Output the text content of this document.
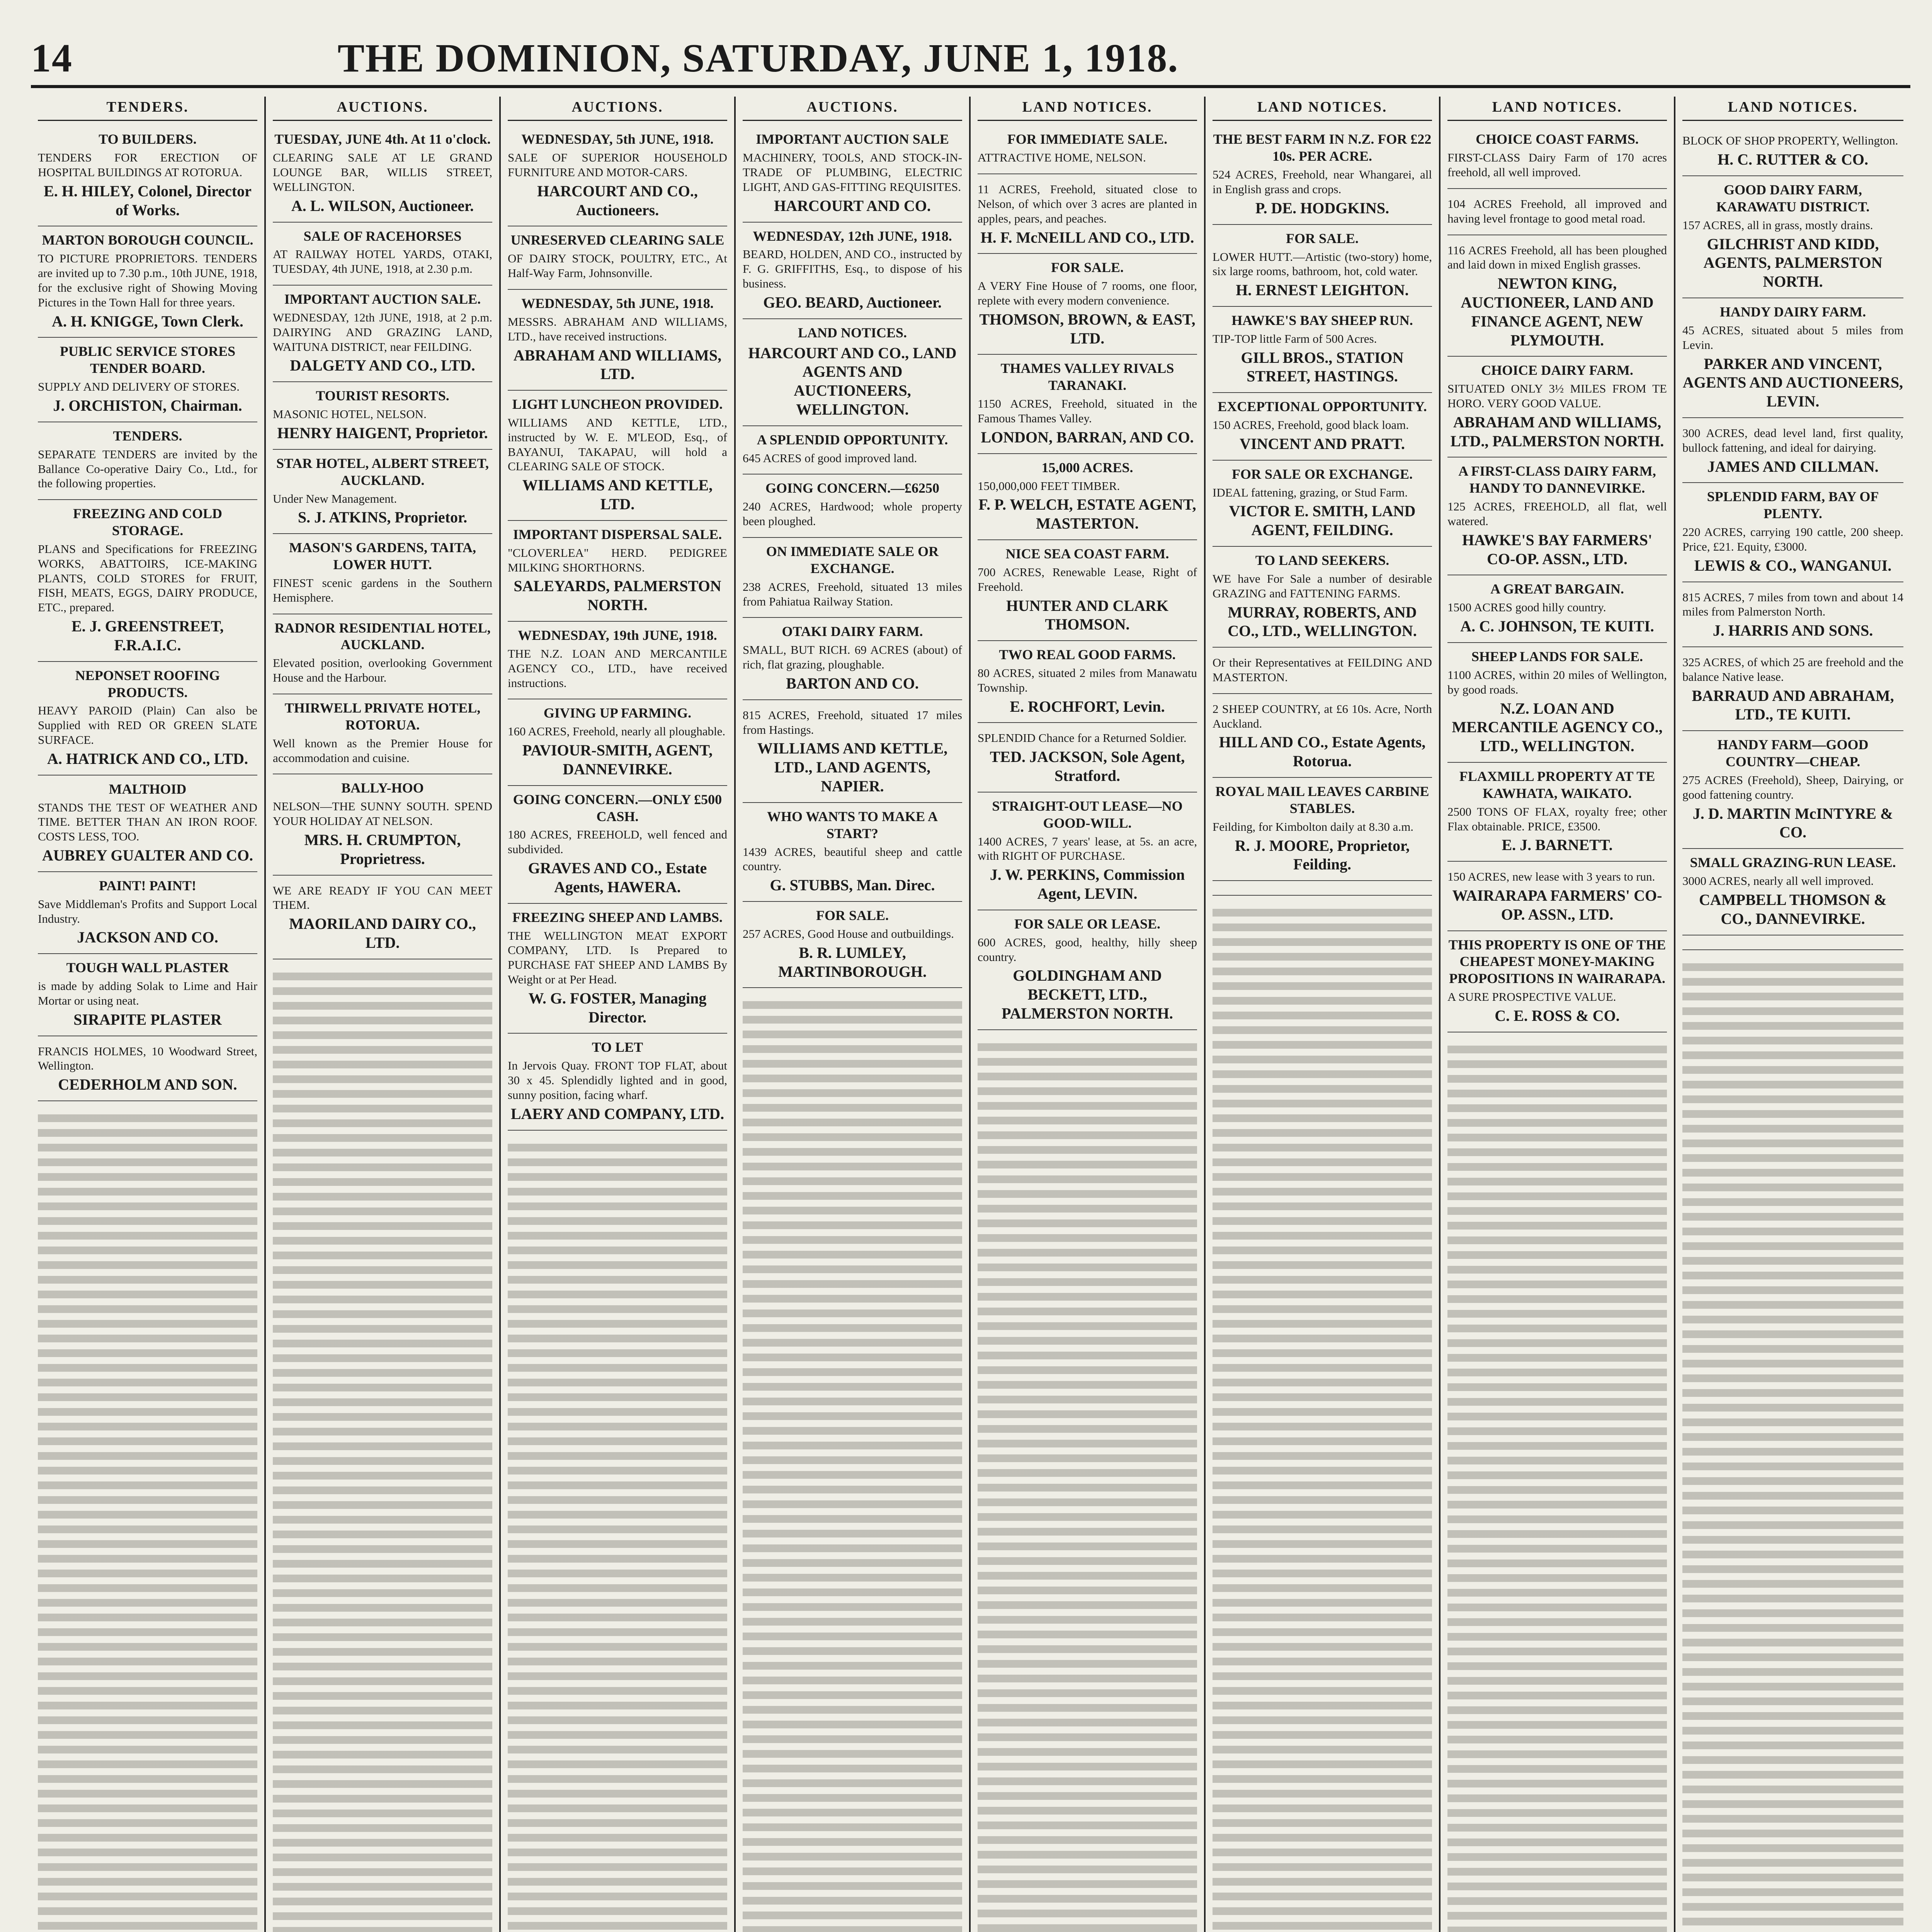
14	THE DOMINION, SATURDAY, JUNE 1, 1918.
TENDERS.
TO BUILDERS.
TENDERS FOR ERECTION OF HOSPITAL BUILDINGS AT ROTORUA.
E. H. HILEY, Colonel, Director of Works.
MARTON BOROUGH COUNCIL.
TO PICTURE PROPRIETORS. TENDERS are invited up to 7.30 p.m., 10th JUNE, 1918, for the exclusive right of Showing Moving Pictures in the Town Hall for three years.
A. H. KNIGGE, Town Clerk.
PUBLIC SERVICE STORES TENDER BOARD.
SUPPLY AND DELIVERY OF STORES.
J. ORCHISTON, Chairman.
TENDERS.
SEPARATE TENDERS are invited by the Ballance Co-operative Dairy Co., Ltd., for the following properties.
FREEZING AND COLD STORAGE.
PLANS and Specifications for FREEZING WORKS, ABATTOIRS, ICE-MAKING PLANTS, COLD STORES for FRUIT, FISH, MEATS, EGGS, DAIRY PRODUCE, ETC., prepared.
E. J. GREENSTREET, F.R.A.I.C.
NEPONSET ROOFING PRODUCTS.
HEAVY PAROID (Plain) Can also be Supplied with RED OR GREEN SLATE SURFACE.
A. HATRICK AND CO., LTD.
MALTHOID
STANDS THE TEST OF WEATHER AND TIME. BETTER THAN AN IRON ROOF. COSTS LESS, TOO.
AUBREY GUALTER AND CO.
PAINT! PAINT!
Save Middleman's Profits and Support Local Industry.
JACKSON AND CO.
TOUGH WALL PLASTER
is made by adding Solak to Lime and Hair Mortar or using neat.
SIRAPITE PLASTER
FRANCIS HOLMES, 10 Woodward Street, Wellington.
CEDERHOLM AND SON.
AUCTIONS.
TUESDAY, JUNE 4th. At 11 o'clock.
CLEARING SALE AT LE GRAND LOUNGE BAR, WILLIS STREET, WELLINGTON.
A. L. WILSON, Auctioneer.
SALE OF RACEHORSES
AT RAILWAY HOTEL YARDS, OTAKI, TUESDAY, 4th JUNE, 1918, at 2.30 p.m.
IMPORTANT AUCTION SALE.
WEDNESDAY, 12th JUNE, 1918, at 2 p.m. DAIRYING AND GRAZING LAND, WAITUNA DISTRICT, near FEILDING.
DALGETY AND CO., LTD.
TOURIST RESORTS.
MASONIC HOTEL, NELSON.
HENRY HAIGENT, Proprietor.
STAR HOTEL, ALBERT STREET, AUCKLAND.
Under New Management.
S. J. ATKINS, Proprietor.
MASON'S GARDENS, TAITA, LOWER HUTT.
FINEST scenic gardens in the Southern Hemisphere.
RADNOR RESIDENTIAL HOTEL, AUCKLAND.
Elevated position, overlooking Government House and the Harbour.
THIRWELL PRIVATE HOTEL, ROTORUA.
Well known as the Premier House for accommodation and cuisine.
BALLY-HOO
NELSON—THE SUNNY SOUTH. SPEND YOUR HOLIDAY AT NELSON.
MRS. H. CRUMPTON, Proprietress.
WE ARE READY IF YOU CAN MEET THEM.
MAORILAND DAIRY CO., LTD.
AUCTIONS.
WEDNESDAY, 5th JUNE, 1918.
SALE OF SUPERIOR HOUSEHOLD FURNITURE AND MOTOR-CARS.
HARCOURT AND CO., Auctioneers.
UNRESERVED CLEARING SALE
OF DAIRY STOCK, POULTRY, ETC., At Half-Way Farm, Johnsonville.
WEDNESDAY, 5th JUNE, 1918.
MESSRS. ABRAHAM AND WILLIAMS, LTD., have received instructions.
ABRAHAM AND WILLIAMS, LTD.
LIGHT LUNCHEON PROVIDED.
WILLIAMS AND KETTLE, LTD., instructed by W. E. M'LEOD, Esq., of BAYANUI, TAKAPAU, will hold a CLEARING SALE OF STOCK.
WILLIAMS AND KETTLE, LTD.
IMPORTANT DISPERSAL SALE.
"CLOVERLEA" HERD. PEDIGREE MILKING SHORTHORNS.
SALEYARDS, PALMERSTON NORTH.
WEDNESDAY, 19th JUNE, 1918.
THE N.Z. LOAN AND MERCANTILE AGENCY CO., LTD., have received instructions.
GIVING UP FARMING.
160 ACRES, Freehold, nearly all ploughable.
PAVIOUR-SMITH, AGENT, DANNEVIRKE.
GOING CONCERN.—ONLY £500 CASH.
180 ACRES, FREEHOLD, well fenced and subdivided.
GRAVES AND CO., Estate Agents, HAWERA.
FREEZING SHEEP AND LAMBS.
THE WELLINGTON MEAT EXPORT COMPANY, LTD. Is Prepared to PURCHASE FAT SHEEP AND LAMBS By Weight or at Per Head.
W. G. FOSTER, Managing Director.
TO LET
In Jervois Quay. FRONT TOP FLAT, about 30 x 45. Splendidly lighted and in good, sunny position, facing wharf.
LAERY AND COMPANY, LTD.
AUCTIONS.
IMPORTANT AUCTION SALE
MACHINERY, TOOLS, AND STOCK-IN-TRADE OF PLUMBING, ELECTRIC LIGHT, AND GAS-FITTING REQUISITES.
HARCOURT AND CO.
WEDNESDAY, 12th JUNE, 1918.
BEARD, HOLDEN, AND CO., instructed by F. G. GRIFFITHS, Esq., to dispose of his business.
GEO. BEARD, Auctioneer.
LAND NOTICES.
HARCOURT AND CO., LAND AGENTS AND AUCTIONEERS, WELLINGTON.
A SPLENDID OPPORTUNITY.
645 ACRES of good improved land.
GOING CONCERN.—£6250
240 ACRES, Hardwood; whole property been ploughed.
ON IMMEDIATE SALE OR EXCHANGE.
238 ACRES, Freehold, situated 13 miles from Pahiatua Railway Station.
OTAKI DAIRY FARM.
SMALL, BUT RICH. 69 ACRES (about) of rich, flat grazing, ploughable.
BARTON AND CO.
815 ACRES, Freehold, situated 17 miles from Hastings.
WILLIAMS AND KETTLE, LTD., LAND AGENTS, NAPIER.
WHO WANTS TO MAKE A START?
1439 ACRES, beautiful sheep and cattle country.
G. STUBBS, Man. Direc.
FOR SALE.
257 ACRES, Good House and outbuildings.
B. R. LUMLEY, MARTINBOROUGH.
LAND NOTICES.
FOR IMMEDIATE SALE.
ATTRACTIVE HOME, NELSON.
11 ACRES, Freehold, situated close to Nelson, of which over 3 acres are planted in apples, pears, and peaches.
H. F. McNEILL AND CO., LTD.
FOR SALE.
A VERY Fine House of 7 rooms, one floor, replete with every modern convenience.
THOMSON, BROWN, & EAST, LTD.
THAMES VALLEY RIVALS TARANAKI.
1150 ACRES, Freehold, situated in the Famous Thames Valley.
LONDON, BARRAN, AND CO.
15,000 ACRES.
150,000,000 FEET TIMBER.
F. P. WELCH, ESTATE AGENT, MASTERTON.
NICE SEA COAST FARM.
700 ACRES, Renewable Lease, Right of Freehold.
HUNTER AND CLARK THOMSON.
TWO REAL GOOD FARMS.
80 ACRES, situated 2 miles from Manawatu Township.
E. ROCHFORT, Levin.
SPLENDID Chance for a Returned Soldier.
TED. JACKSON, Sole Agent, Stratford.
STRAIGHT-OUT LEASE—NO GOOD-WILL.
1400 ACRES, 7 years' lease, at 5s. an acre, with RIGHT OF PURCHASE.
J. W. PERKINS, Commission Agent, LEVIN.
FOR SALE OR LEASE.
600 ACRES, good, healthy, hilly sheep country.
GOLDINGHAM AND BECKETT, LTD., PALMERSTON NORTH.
LAND NOTICES.
THE BEST FARM IN N.Z. FOR £22 10s. PER ACRE.
524 ACRES, Freehold, near Whangarei, all in English grass and crops.
P. DE. HODGKINS.
FOR SALE.
LOWER HUTT.—Artistic (two-story) home, six large rooms, bathroom, hot, cold water.
H. ERNEST LEIGHTON.
HAWKE'S BAY SHEEP RUN.
TIP-TOP little Farm of 500 Acres.
GILL BROS., STATION STREET, HASTINGS.
EXCEPTIONAL OPPORTUNITY.
150 ACRES, Freehold, good black loam.
VINCENT AND PRATT.
FOR SALE OR EXCHANGE.
IDEAL fattening, grazing, or Stud Farm.
VICTOR E. SMITH, LAND AGENT, FEILDING.
TO LAND SEEKERS.
WE have For Sale a number of desirable GRAZING and FATTENING FARMS.
MURRAY, ROBERTS, AND CO., LTD., WELLINGTON.
Or their Representatives at FEILDING AND MASTERTON.
2 SHEEP COUNTRY, at £6 10s. Acre, North Auckland.
HILL AND CO., Estate Agents, Rotorua.
ROYAL MAIL LEAVES CARBINE STABLES.
Feilding, for Kimbolton daily at 8.30 a.m.
R. J. MOORE, Proprietor, Feilding.
LAND NOTICES.
CHOICE COAST FARMS.
FIRST-CLASS Dairy Farm of 170 acres freehold, all well improved.
104 ACRES Freehold, all improved and having level frontage to good metal road.
116 ACRES Freehold, all has been ploughed and laid down in mixed English grasses.
NEWTON KING, AUCTIONEER, LAND AND FINANCE AGENT, NEW PLYMOUTH.
CHOICE DAIRY FARM.
SITUATED ONLY 3½ MILES FROM TE HORO. VERY GOOD VALUE.
ABRAHAM AND WILLIAMS, LTD., PALMERSTON NORTH.
A FIRST-CLASS DAIRY FARM, HANDY TO DANNEVIRKE.
125 ACRES, FREEHOLD, all flat, well watered.
HAWKE'S BAY FARMERS' CO-OP. ASSN., LTD.
A GREAT BARGAIN.
1500 ACRES good hilly country.
A. C. JOHNSON, TE KUITI.
SHEEP LANDS FOR SALE.
1100 ACRES, within 20 miles of Wellington, by good roads.
N.Z. LOAN AND MERCANTILE AGENCY CO., LTD., WELLINGTON.
FLAXMILL PROPERTY AT TE KAWHATA, WAIKATO.
2500 TONS OF FLAX, royalty free; other Flax obtainable. PRICE, £3500.
E. J. BARNETT.
150 ACRES, new lease with 3 years to run.
WAIRARAPA FARMERS' CO-OP. ASSN., LTD.
THIS PROPERTY IS ONE OF THE CHEAPEST MONEY-MAKING PROPOSITIONS IN WAIRARAPA.
A SURE PROSPECTIVE VALUE.
C. E. ROSS & CO.
LAND NOTICES.
BLOCK OF SHOP PROPERTY, Wellington.
H. C. RUTTER & CO.
GOOD DAIRY FARM, KARAWATU DISTRICT.
157 ACRES, all in grass, mostly drains.
GILCHRIST AND KIDD, AGENTS, PALMERSTON NORTH.
HANDY DAIRY FARM.
45 ACRES, situated about 5 miles from Levin.
PARKER AND VINCENT, AGENTS AND AUCTIONEERS, LEVIN.
300 ACRES, dead level land, first quality, bullock fattening, and ideal for dairying.
JAMES AND CILLMAN.
SPLENDID FARM, BAY OF PLENTY.
220 ACRES, carrying 190 cattle, 200 sheep. Price, £21. Equity, £3000.
LEWIS & CO., WANGANUI.
815 ACRES, 7 miles from town and about 14 miles from Palmerston North.
J. HARRIS AND SONS.
325 ACRES, of which 25 are freehold and the balance Native lease.
BARRAUD AND ABRAHAM, LTD., TE KUITI.
HANDY FARM—GOOD COUNTRY—CHEAP.
275 ACRES (Freehold), Sheep, Dairying, or good fattening country.
J. D. MARTIN McINTYRE & CO.
SMALL GRAZING-RUN LEASE.
3000 ACRES, nearly all well improved.
CAMPBELL THOMSON & CO., DANNEVIRKE.
